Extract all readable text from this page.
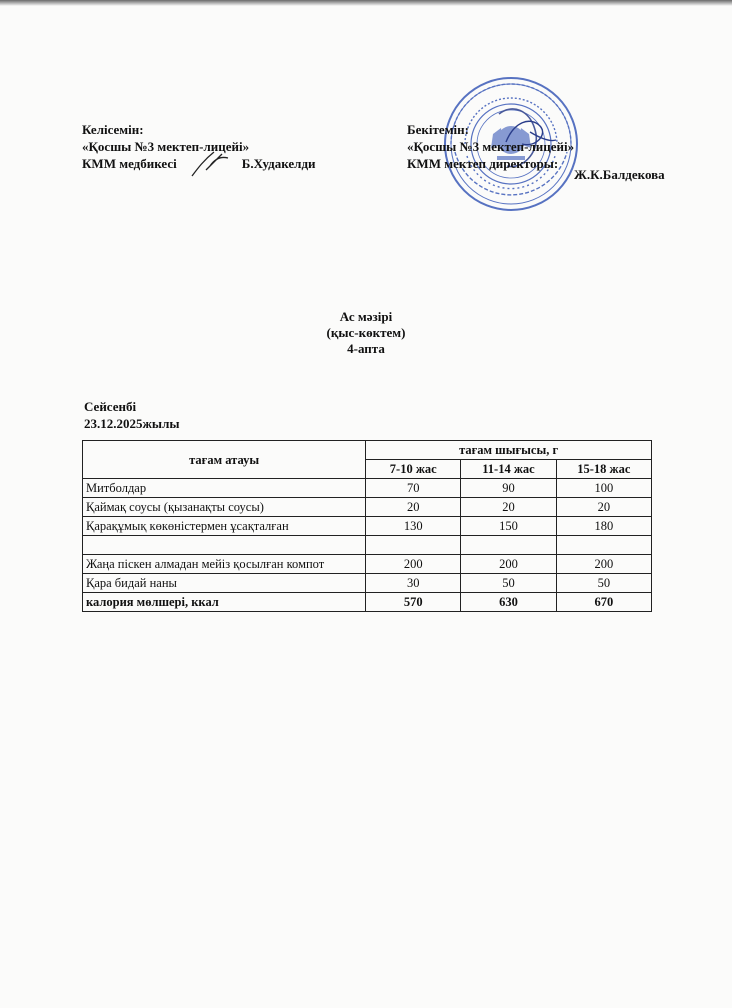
Келісемін:
«Қосшы №3 мектеп-лицейі»
КММ медбикесі	Б.Худакелди
Бекітемін:
«Қосшы №3 мектеп-лицейі»
КММ мектеп директоры:
Ж.К.Балдекова
Ас мәзірі
(қыс-көктем)
4-апта
Сейсенбі
23.12.2025жылы
тағам атауы	тағам шығысы, г		
	7-10 жас	11-14 жас	15-18 жас
Митболдар	70	90	100
Қаймақ соусы (қызанақты соусы)	20	20	20
Қарақұмық көкөністермен ұсақталған	130	150	180

Жаңа піскен алмадан мейіз қосылған компот	200	200	200
Қара бидай наны	30	50	50
калория мөлшері, ккал	570	630	670
